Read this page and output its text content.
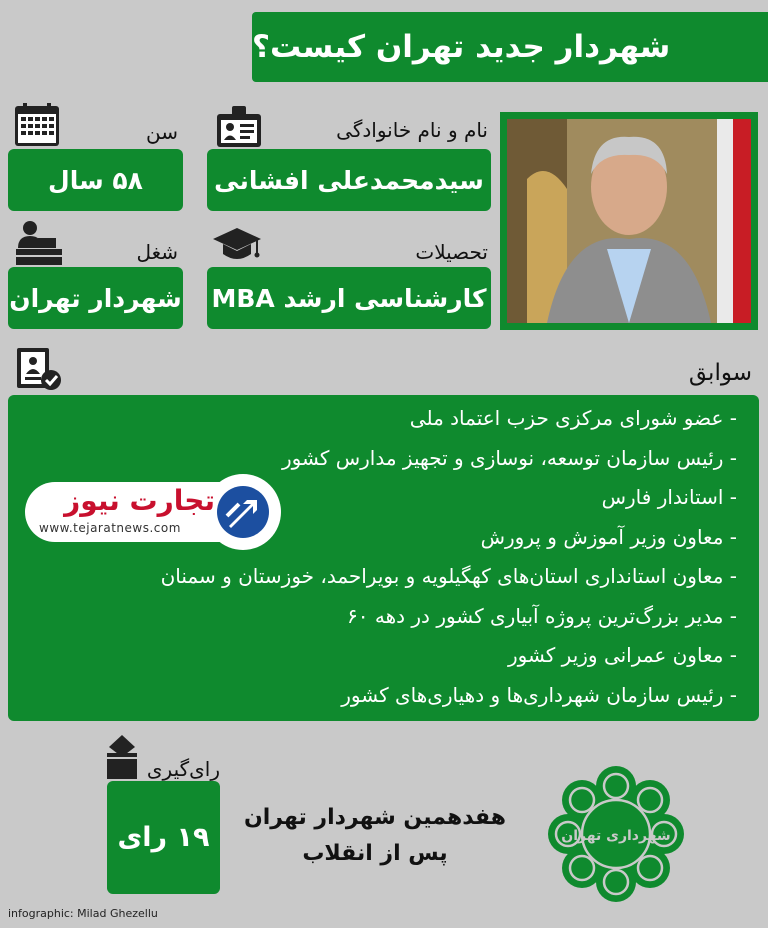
شهردار جدید تهران کیست؟
سن	نام و نام خانوادگی
۵۸ سال	سیدمحمدعلی افشانی
شغل	تحصیلات
شهردار تهران کارشناسی ارشد MBA
سوابق
- عضو شورای مرکزی حزب اعتماد ملی
- رئیس سازمان توسعه، نوسازی و تجهیز مدارس کشور
- استاندار فارس
- معاون وزیر آموزش و پرورش
- معاون استانداری استان‌های کهگیلویه و بویراحمد، خوزستان و سمنان
- مدیر بزرگ‌ترین پروژه آبیاری کشور در دهه ۶۰
- معاون عمرانی وزیر کشور
- رئیس سازمان شهرداری‌ها و دهیاری‌های کشور
تجارت نیوز
www.tejaratnews.com
رای‌گیری
۱۹ رای
هفدهمین شهردار تهران
پس از انقلاب
شهرداری تهران
infographic: Milad Ghezellu
